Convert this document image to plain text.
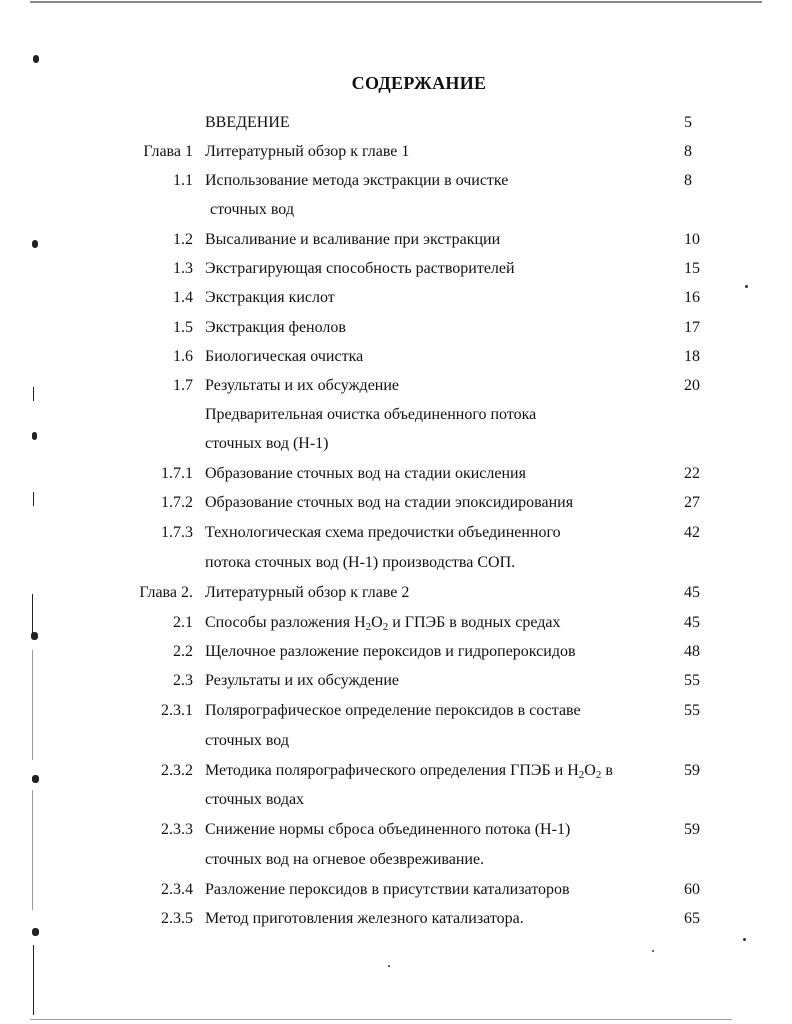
СОДЕРЖАНИЕ
ВВЕДЕНИЕ	5
Глава 1 Литературный обзор к главе 1	8
1.1 Использование метода экстракции в очистке	8
сточных вод
1.2 Высаливание и всаливание при экстракции	10
1.3 Экстрагирующая способность растворителей	15
1.4 Экстракция кислот	16
1.5 Экстракция фенолов	17
1.6 Биологическая очистка	18
1.7 Результаты и их обсуждение	20
Предварительная очистка объединенного потока
сточных вод (Н-1)
1.7.1 Образование сточных вод на стадии окисления	22
1.7.2 Образование сточных вод на стадии эпоксидирования	27
1.7.3 Технологическая схема предочистки объединенного	42
потока сточных вод (Н-1) производства СОП.
Глава 2. Литературный обзор к главе 2	45
2.1 Способы разложения $H_2O_2$ и ГПЭБ в водных средах	45
2.2 Щелочное разложение пероксидов и гидропероксидов	48
2.3 Результаты и их обсуждение	55
2.3.1 Полярографическое определение пероксидов в составе	55
сточных вод
2.3.2 Методика полярографического определения ГПЭБ и $H_2O_2$ в	59
сточных водах
2.3.3 Снижение нормы сброса объединенного потока (Н-1)	59
сточных вод на огневое обезвреживание.
2.3.4 Разложение пероксидов в присутствии катализаторов	60
2.3.5 Метод приготовления железного катализатора.	65
